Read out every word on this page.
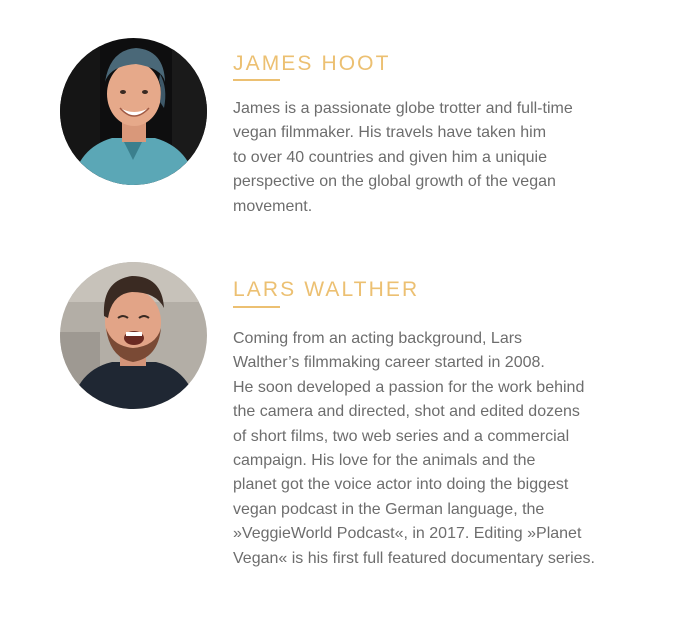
JAMES HOOT

James is a passionate globe trotter and full-time
vegan filmmaker. His travels have taken him
to over 40 countries and given him a uniquie
perspective on the global growth of the vegan
movement.

LARS WALTHER

Coming from an acting background, Lars
Walther’s filmmaking career started in 2008.
He soon developed a passion for the work behind
the camera and directed, shot and edited dozens
of short films, two web series and a commercial
campaign. His love for the animals and the
planet got the voice actor into doing the biggest
vegan podcast in the German language, the
»VeggieWorld Podcast«, in 2017. Editing »Planet
Vegan« is his first full featured documentary series.
